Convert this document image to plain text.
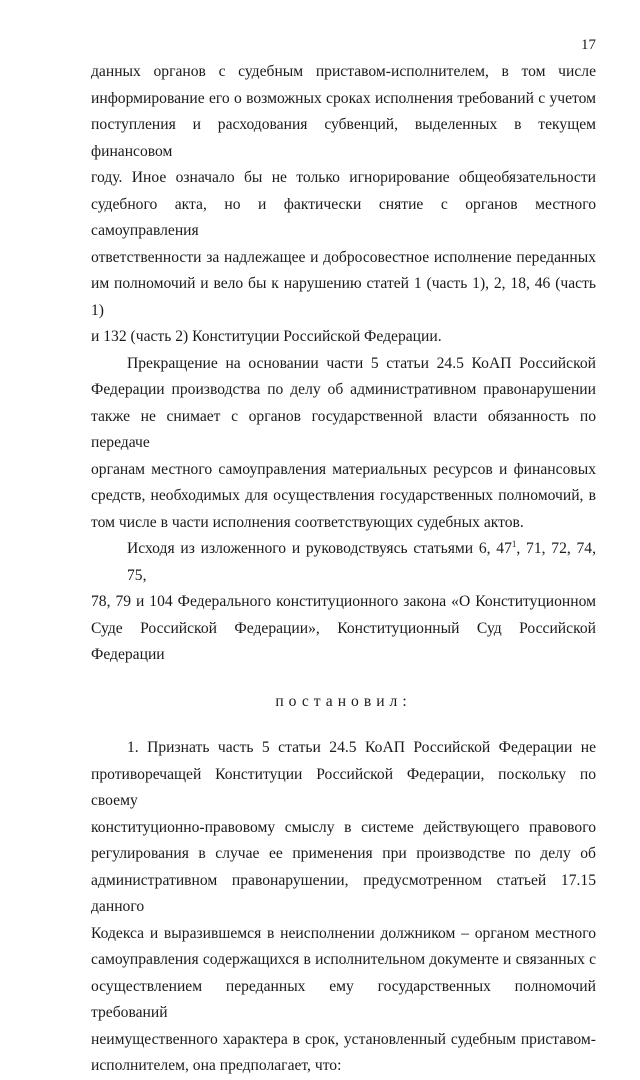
17
данных органов с судебным приставом-исполнителем, в том числе
информирование его о возможных сроках исполнения требований с учетом
поступления и расходования субвенций, выделенных в текущем финансовом
году. Иное означало бы не только игнорирование общеобязательности
судебного акта, но и фактически снятие с органов местного самоуправления
ответственности за надлежащее и добросовестное исполнение переданных
им полномочий и вело бы к нарушению статей 1 (часть 1), 2, 18, 46 (часть 1)
и 132 (часть 2) Конституции Российской Федерации.
Прекращение на основании части 5 статьи 24.5 КоАП Российской
Федерации производства по делу об административном правонарушении
также не снимает с органов государственной власти обязанность по передаче
органам местного самоуправления материальных ресурсов и финансовых
средств, необходимых для осуществления государственных полномочий, в
том числе в части исполнения соответствующих судебных актов.
Исходя из изложенного и руководствуясь статьями 6, $47^1$, 71, 72, 74, 75,
78, 79 и 104 Федерального конституционного закона «О Конституционном
Суде Российской Федерации», Конституционный Суд Российской Федерации
постановил:
1. Признать часть 5 статьи 24.5 КоАП Российской Федерации не
противоречащей Конституции Российской Федерации, поскольку по своему
конституционно-правовому смыслу в системе действующего правового
регулирования в случае ее применения при производстве по делу об
административном правонарушении, предусмотренном статьей 17.15 данного
Кодекса и выразившемся в неисполнении должником – органом местного
самоуправления содержащихся в исполнительном документе и связанных с
осуществлением переданных ему государственных полномочий требований
неимущественного характера в срок, установленный судебным приставом-
исполнителем, она предполагает, что:
